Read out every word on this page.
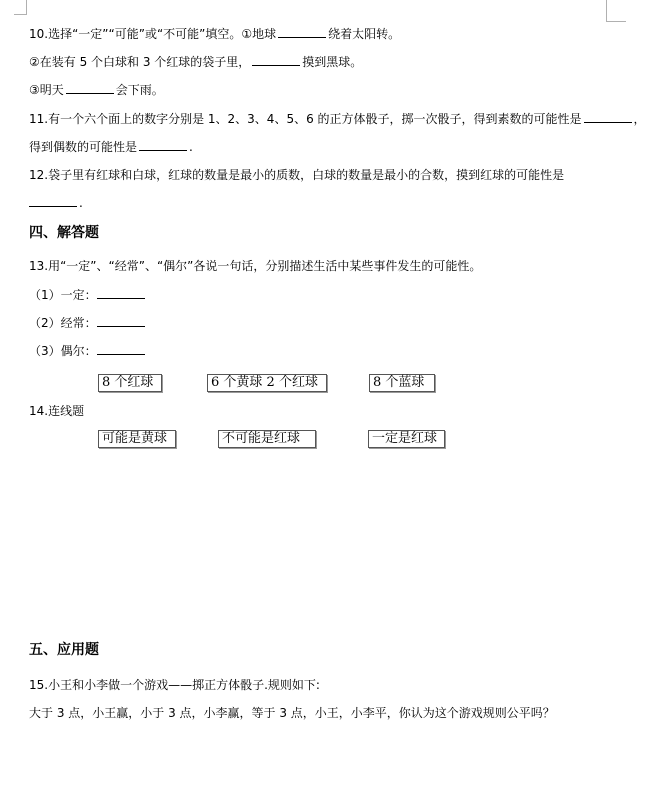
10.选择“一定”“可能”或“不可能”填空。①地球	绕着太阳转。
②在装有 5 个白球和 3 个红球的袋子里，	摸到黑球。
③明天	会下雨。
11.有一个六个面上的数字分别是 1、2、3、4、5、6 的正方体骰子，掷一次骰子，得到素数的可能性是	，
得到偶数的可能性是	.
12.袋子里有红球和白球，红球的数量是最小的质数，白球的数量是最小的合数，摸到红球的可能性是
.
四、解答题
13.用“一定”、“经常”、“偶尔”各说一句话，分别描述生活中某些事件发生的可能性。
（1）一定：
（2）经常：
（3）偶尔：
8 个红球	6 个黄球 2 个红球	8 个蓝球
14.连线题
可能是黄球	不可能是红球	一定是红球
五、应用题
15.小王和小李做一个游戏——掷正方体骰子.规则如下:
大于 3 点，小王赢，小于 3 点，小李赢，等于 3 点，小王，小李平，你认为这个游戏规则公平吗？
